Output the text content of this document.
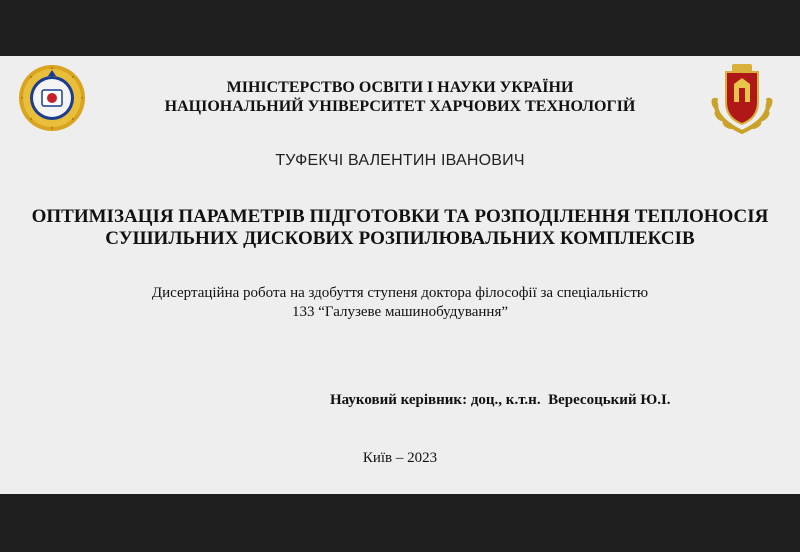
МІНІСТЕРСТВО ОСВІТИ І НАУКИ УКРАЇНИ
НАЦІОНАЛЬНИЙ УНІВЕРСИТЕТ ХАРЧОВИХ ТЕХНОЛОГІЙ
ТУФЕКЧІ ВАЛЕНТИН ІВАНОВИЧ
ОПТИМІЗАЦІЯ ПАРАМЕТРІВ ПІДГОТОВКИ ТА РОЗПОДІЛЕННЯ ТЕПЛОНОСІЯ
СУШИЛЬНИХ ДИСКОВИХ РОЗПИЛЮВАЛЬНИХ КОМПЛЕКСІВ
Дисертаційна робота на здобуття ступеня доктора філософії за спеціальністю
133 “Галузеве машинобудування”
Науковий керівник: доц., к.т.н.  Вересоцький Ю.І.
Київ – 2023
